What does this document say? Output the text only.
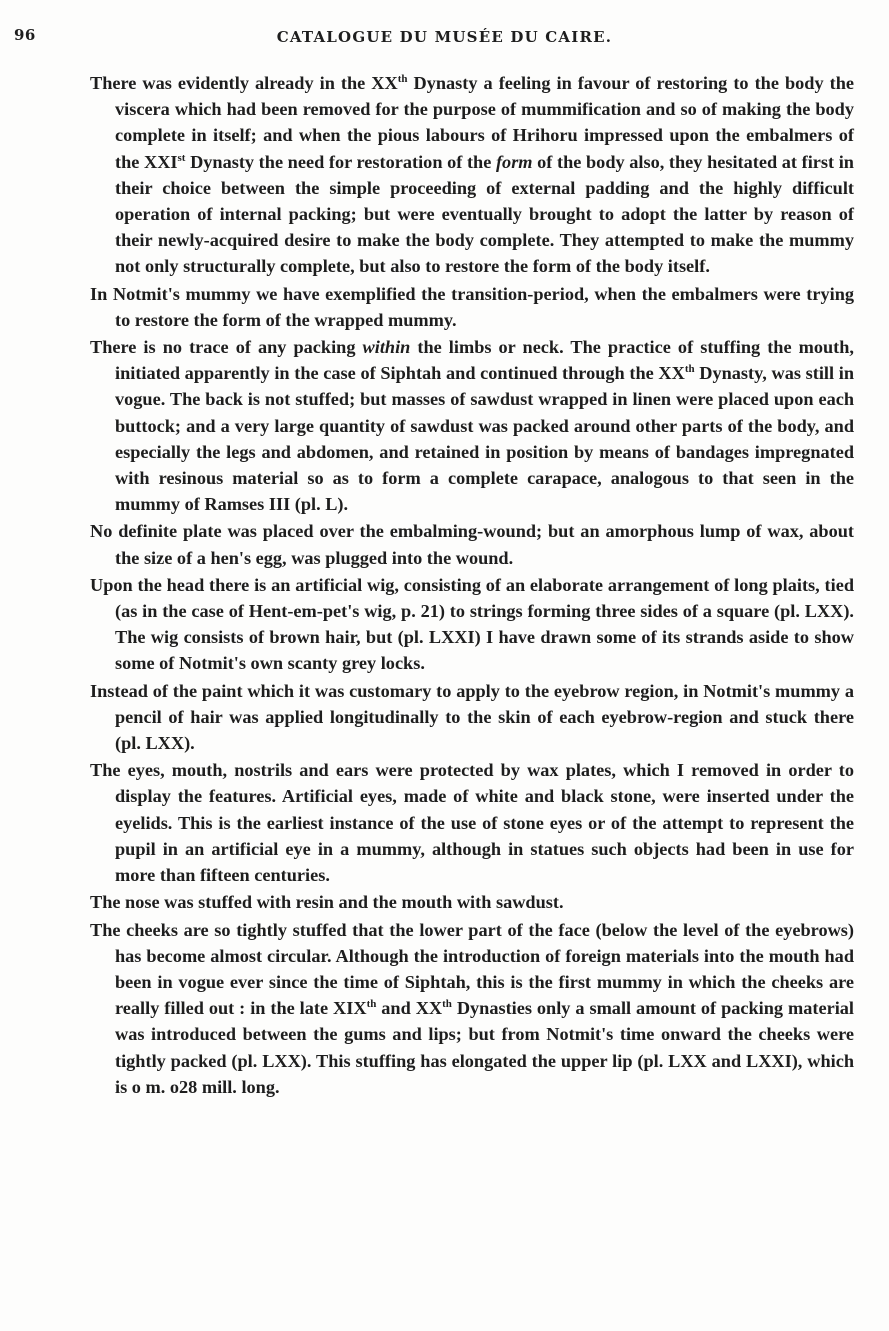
96	CATALOGUE DU MUSÉE DU CAIRE.

There was evidently already in the XXth Dynasty a feeling in favour of restoring to the body the viscera which had been removed for the purpose of mummification and so of making the body complete in itself; and when the pious labours of Hrihoru impressed upon the embalmers of the XXIst Dynasty the need for restoration of the form of the body also, they hesitated at first in their choice between the simple proceeding of external padding and the highly difficult operation of internal packing; but were eventually brought to adopt the latter by reason of their newly-acquired desire to make the body complete. They attempted to make the mummy not only structurally complete, but also to restore the form of the body itself.

In Notmit's mummy we have exemplified the transition-period, when the embalmers were trying to restore the form of the wrapped mummy.

There is no trace of any packing within the limbs or neck. The practice of stuffing the mouth, initiated apparently in the case of Siphtah and continued through the XXth Dynasty, was still in vogue. The back is not stuffed; but masses of sawdust wrapped in linen were placed upon each buttock; and a very large quantity of sawdust was packed around other parts of the body, and especially the legs and abdomen, and retained in position by means of bandages impregnated with resinous material so as to form a complete carapace, analogous to that seen in the mummy of Ramses III (pl. L).

No definite plate was placed over the embalming-wound; but an amorphous lump of wax, about the size of a hen's egg, was plugged into the wound.

Upon the head there is an artificial wig, consisting of an elaborate arrangement of long plaits, tied (as in the case of Hent-em-pet's wig, p. 21) to strings forming three sides of a square (pl. LXX). The wig consists of brown hair, but (pl. LXXI) I have drawn some of its strands aside to show some of Notmit's own scanty grey locks.

Instead of the paint which it was customary to apply to the eyebrow region, in Notmit's mummy a pencil of hair was applied longitudinally to the skin of each eyebrow-region and stuck there (pl. LXX).

The eyes, mouth, nostrils and ears were protected by wax plates, which I removed in order to display the features. Artificial eyes, made of white and black stone, were inserted under the eyelids. This is the earliest instance of the use of stone eyes or of the attempt to represent the pupil in an artificial eye in a mummy, although in statues such objects had been in use for more than fifteen centuries.

The nose was stuffed with resin and the mouth with sawdust.

The cheeks are so tightly stuffed that the lower part of the face (below the level of the eyebrows) has become almost circular. Although the introduction of foreign materials into the mouth had been in vogue ever since the time of Siphtah, this is the first mummy in which the cheeks are really filled out : in the late XIXth and XXth Dynasties only a small amount of packing material was introduced between the gums and lips; but from Notmit's time onward the cheeks were tightly packed (pl. LXX). This stuffing has elongated the upper lip (pl. LXX and LXXI), which is o m. o28 mill. long.
